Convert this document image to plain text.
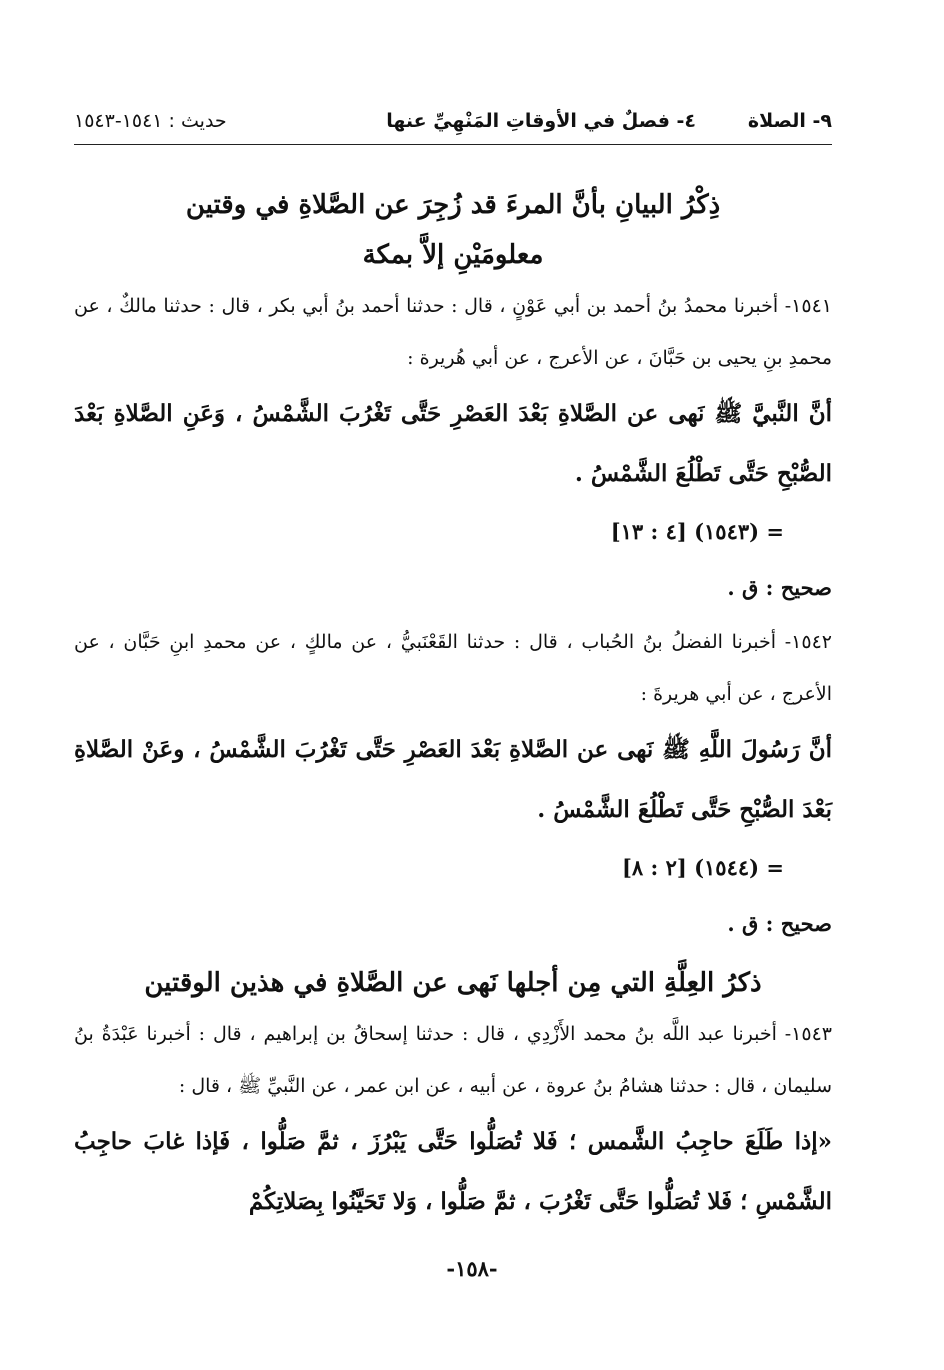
٩- الصلاة
٤- فصلٌ في الأوقاتِ المَنْهِيِّ عنها
حديث : ١٥٤١-١٥٤٣
ذِكْرُ البيانِ بأنَّ المرءَ قد زُجِرَ عن الصَّلاةِ في وقتين
معلومَيْنِ إلاَّ بمكة

١٥٤١- أخبرنا محمدُ بنُ أحمد بن أبي عَوْنٍ ، قال : حدثنا أحمد بنُ أبي بكر ، قال : حدثنا مالكٌ ، عن محمدِ بنِ يحيى بن حَبَّانَ ، عن الأعرج ، عن أبي هُريرة :

أنَّ النَّبيَّ ﷺ نَهى عن الصَّلاةِ بَعْدَ العَصْرِ حَتَّى تَغْرُبَ الشَّمْسُ ، وَعَنِ الصَّلاةِ بَعْدَ الصُّبْحِ حَتَّى تَطْلُعَ الشَّمْسُ .

= (١٥٤٣) [٤ : ١٣]

صحيح : ق .

١٥٤٢- أخبرنا الفضلُ بنُ الحُباب ، قال : حدثنا القَعْنَبيُّ ، عن مالكٍ ، عن محمدِ ابنِ حَبَّان ، عن الأعرج ، عن أبي هريرةَ :

أنَّ رَسُولَ اللَّهِ ﷺ نَهى عن الصَّلاةِ بَعْدَ العَصْرِ حَتَّى تَغْرُبَ الشَّمْسُ ، وعَنْ الصَّلاةِ بَعْدَ الصُّبْحِ حَتَّى تَطْلُعَ الشَّمْسُ .

= (١٥٤٤) [٢ : ٨]

صحيح : ق .

ذكرُ العِلَّةِ التي مِن أجلها نَهى عن الصَّلاةِ في هذين الوقتين

١٥٤٣- أخبرنا عبد اللَّه بنُ محمد الأَزْدِي ، قال : حدثنا إسحاقُ بن إبراهيم ، قال : أخبرنا عَبْدَةُ بنُ سليمان ، قال : حدثنا هشامُ بنُ عروة ، عن أبيه ، عن ابن عمر ، عن النَّبيِّ ﷺ ، قال :

«إذا طَلَعَ حاجِبُ الشَّمس ؛ فَلا تُصَلُّوا حَتَّى يَبْرُزَ ، ثمَّ صَلُّوا ، فَإذا غابَ حاجِبُ الشَّمْسِ ؛ فَلا تُصَلُّوا حَتَّى تَغْرُبَ ، ثمَّ صَلُّوا ، وَلا تَحَيَّنُوا بِصَلاتِكُمْ

-١٥٨-
